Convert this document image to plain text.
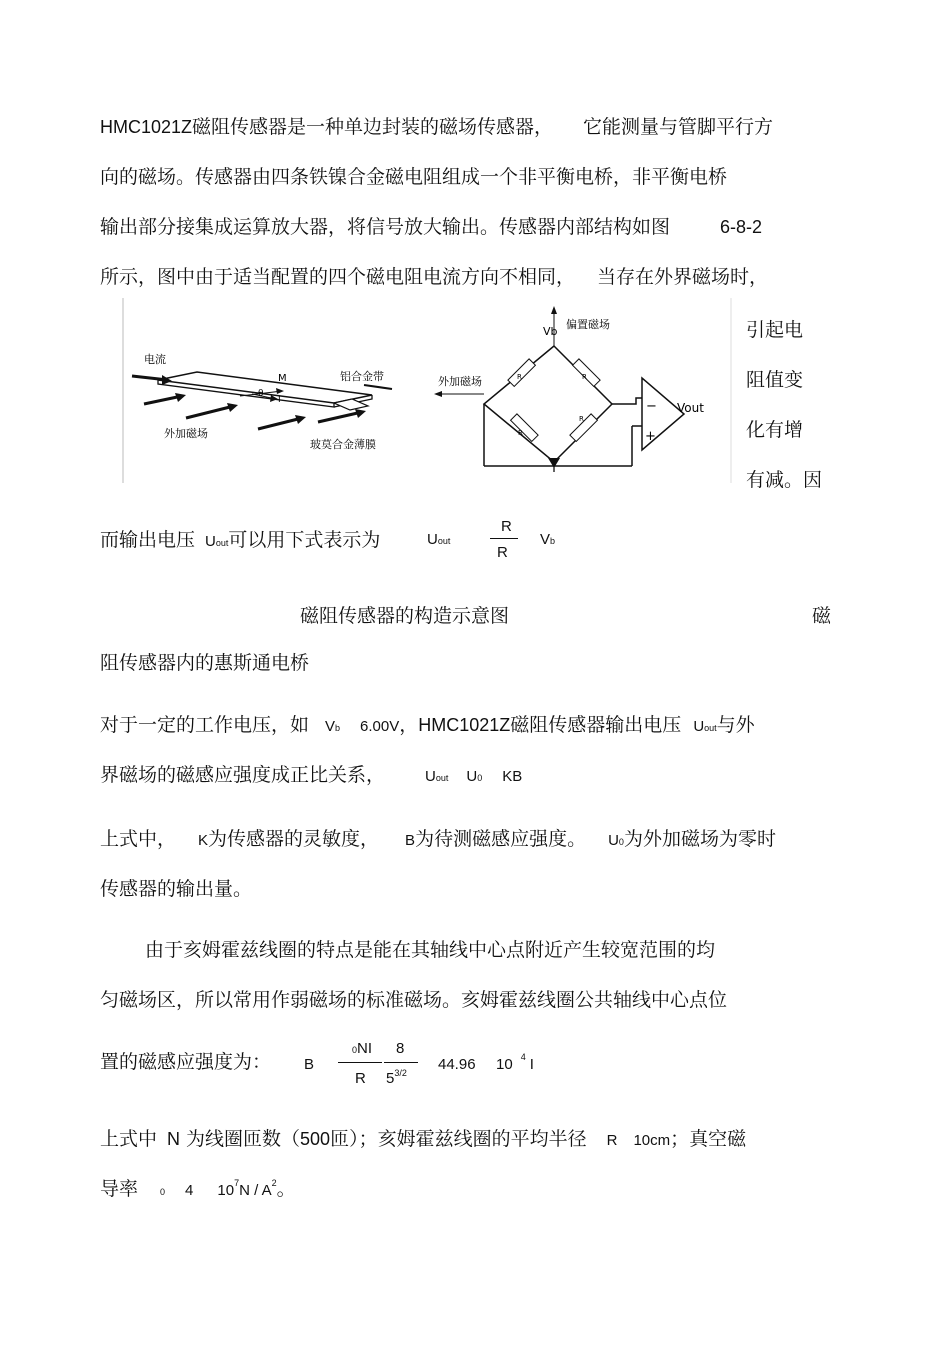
HMC1021Z磁阻传感器是一种单边封装的磁场传感器， 它能测量与管脚平行方
向的磁场。传感器由四条铁镍合金磁电阻组成一个非平衡电桥，非平衡电桥
输出部分接集成运算放大器，将信号放大输出。传感器内部结构如图	6-8-2
所示，图中由于适当配置的四个磁电阻电流方向不相同， 当存在外界磁场时，
引起电
阻值变
化有增
有减。因
电流
M
θ
I
铝合金带
外加磁场
玻莫合金薄膜
Vb
偏置磁场
外加磁场	R	R
R
R
−
+
Vout
而输出电压 Uout可以用下式表示为	Uout
R
R
Vb
磁阻传感器的构造示意图	磁
阻传感器内的惠斯通电桥
对于一定的工作电压，如 Vb 6.00V，HMC1021Z磁阻传感器输出电压 Uout与外
界磁场的磁感应强度成正比关系，	Uout U0 KB
上式中， K为传感器的灵敏度， B为待测磁感应强度。 U0为外加磁场为零时
传感器的输出量。
由于亥姆霍兹线圈的特点是能在其轴线中心点附近产生较宽范围的均
匀磁场区，所以常用作弱磁场的标准磁场。亥姆霍兹线圈公共轴线中心点位
置的磁感应强度为： B
0NI
R
8
$5^{3/2}$ 44.96 10 $^4$ I
上式中 N 为线圈匝数（500匝）；亥姆霍兹线圈的平均半径 R 10cm；真空磁
导率 0 4 $10^7N / A^2$。
